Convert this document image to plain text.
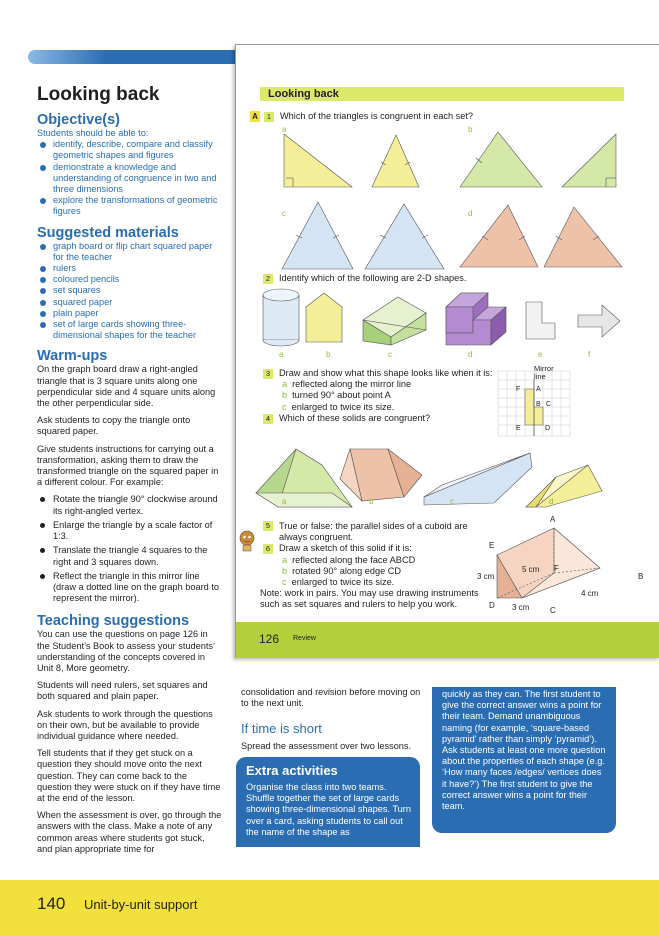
Looking back
Objective(s)
Students should be able to:
identify, describe, compare and classify geometric shapes and figures
demonstrate a knowledge and understanding of congruence in two and three dimensions
explore the transformations of geometric figures
Suggested materials
graph board or flip chart squared paper for the teacher
rulers
coloured pencils
set squares
squared paper
plain paper
set of large cards showing three-dimensional shapes for the teacher
Warm-ups

On the graph board draw a right-angled triangle that is 3 square units along one perpendicular side and 4 square units along the other perpendicular side.

Ask students to copy the triangle onto squared paper.

Give students instructions for carrying out a transformation, asking them to draw the transformed triangle on the squared paper in a different colour. For example:

Rotate the triangle 90° clockwise around its right-angled vertex.
Enlarge the triangle by a scale factor of 1:3.
Translate the triangle 4 squares to the right and 3 squares down.
Reflect the triangle in this mirror line (draw a dotted line on the graph board to represent the mirror).
Teaching suggestions

You can use the questions on page 126 in the Student’s Book to assess your students’ understanding of the concepts covered in Unit 8, More geometry.

Students will need rulers, set squares and both squared and plain paper.

Ask students to work through the questions on their own, but be available to provide individual guidance where needed.

Tell students that if they get stuck on a question they should move onto the next question. They can come back to the question they were stuck on if they have time at the end of the lesson.

When the assessment is over, go through the answers with the class. Make a note of any common areas where students got stuck, and plan appropriate time for

Looking back
A 1 Which of the triangles is congruent in each set?
a	b
c	d
2 Identify which of the following are 2-D shapes.
a	b	c	d	e	f
3 Draw and show what this shape looks like when it is:
a reflected along the mirror line
b turned 90° about point A
c enlarged to twice its size.
4 Which of these solids are congruent?
Mirror line
F A
B C
E	D
a	b	c	d
5 True or false: the parallel sides of a cuboid are always congruent.
6 Draw a sketch of this solid if it is:
a reflected along the face ABCD
b rotated 90° along edge CD
c enlarged to twice its size.
Note: work in pairs. You may use drawing instruments such as set squares and rulers to help you work.
A
E
F
B
D
C
5 cm
3 cm
4 cm
3 cm
126 Review
consolidation and revision before moving on to the next unit.
If time is short
Spread the assessment over two lessons.
Extra activities
Organise the class into two teams. Shuffle together the set of large cards showing three-dimensional shapes. Turn over a card, asking students to call out the name of the shape as
quickly as they can. The first student to give the correct answer wins a point for their team. Demand unambiguous naming (for example, ‘square-based pyramid’ rather than simply ‘pyramid’). Ask students at least one more question about the properties of each shape (e.g. ‘How many faces /edges/ vertices does it have?’) The first student to give the correct answer wins a point for their team.
140 Unit-by-unit support
